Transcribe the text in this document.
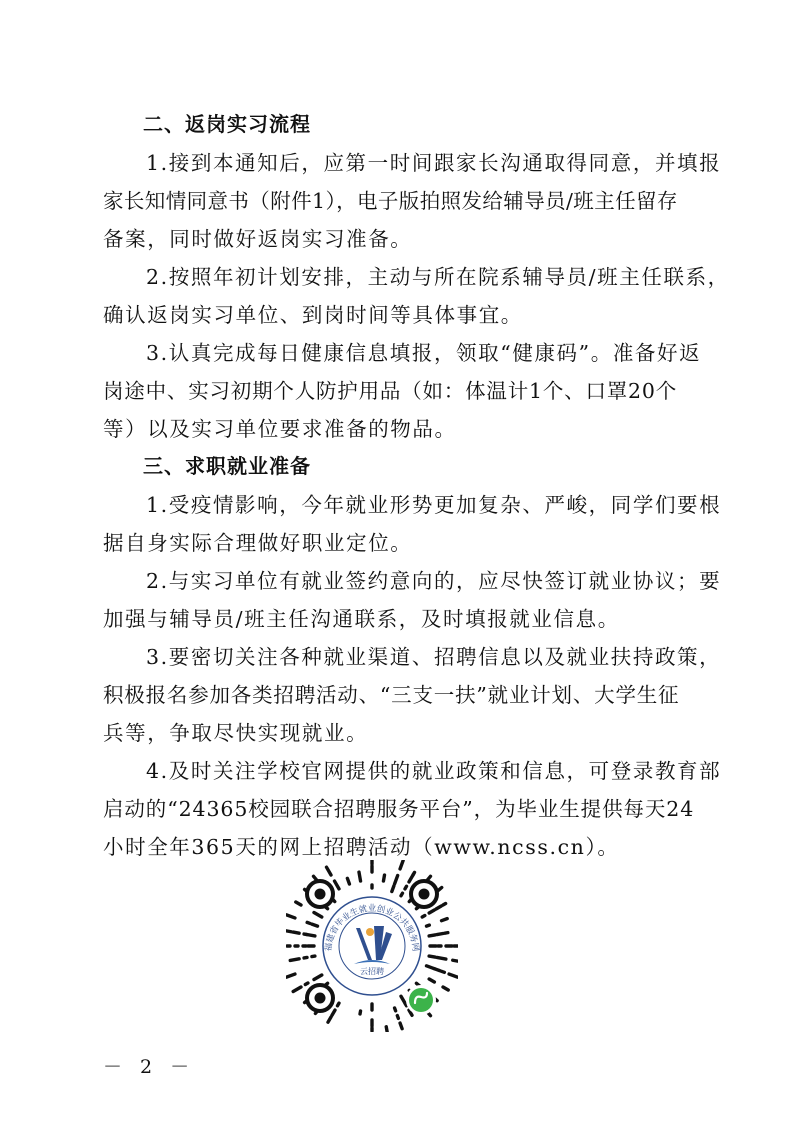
二、返岗实习流程
1.接到本通知后，应第一时间跟家长沟通取得同意，并填报
家长知情同意书（附件1），电子版拍照发给辅导员/班主任留存
备案，同时做好返岗实习准备。
2.按照年初计划安排，主动与所在院系辅导员/班主任联系，
确认返岗实习单位、到岗时间等具体事宜。
3.认真完成每日健康信息填报，领取“健康码”。准备好返
岗途中、实习初期个人防护用品（如：体温计1个、口罩20个
等）以及实习单位要求准备的物品。
三、求职就业准备
1.受疫情影响，今年就业形势更加复杂、严峻，同学们要根
据自身实际合理做好职业定位。
2.与实习单位有就业签约意向的，应尽快签订就业协议；要
加强与辅导员/班主任沟通联系，及时填报就业信息。
3.要密切关注各种就业渠道、招聘信息以及就业扶持政策，
积极报名参加各类招聘活动、“三支一扶”就业计划、大学生征
兵等，争取尽快实现就业。
4.及时关注学校官网提供的就业政策和信息，可登录教育部
启动的“24365校园联合招聘服务平台”，为毕业生提供每天24
小时全年365天的网上招聘活动（www.ncss.cn）。
福建省毕业生就业创业公共服务网
云招聘
－ 2 －
